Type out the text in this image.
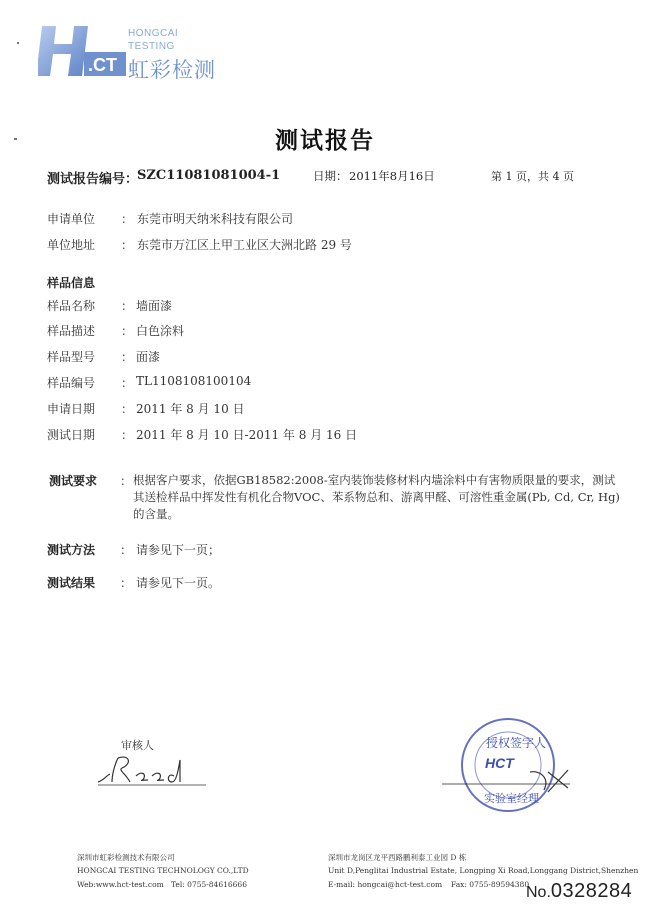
.CT
HONGCAI
TESTING
虹彩检测
测试报告
测试报告编号：
SZC11081081004-1	日期： 2011年8月16日	第 1 页，共 4 页
申请单位 ： 东莞市明天纳米科技有限公司
单位地址 ： 东莞市万江区上甲工业区大洲北路 29 号
样品信息
样品名称 ： 墙面漆
样品描述 ： 白色涂料
样品型号 ： 面漆
样品编号 ： TL1108108100104
申请日期 ： 2011 年 8 月 10 日
测试日期 ： 2011 年 8 月 10 日-2011 年 8 月 16 日
测试要求 ： 根据客户要求，依据GB18582:2008-室内装饰装修材料内墙涂料中有害物质限量的要求，测试
其送检样品中挥发性有机化合物VOC、苯系物总和、游离甲醛、可溶性重金属(Pb, Cd, Cr, Hg)
的含量。
测试方法 ： 请参见下一页；
测试结果 ： 请参见下一页。
审核人	授权签字人
HCT
实验室经理
深圳市虹彩检测技术有限公司
HONGCAI TESTING TECHNOLOGY CO.,LTD
Web:www.hct-test.com Tel: 0755-84616666
深圳市龙岗区龙平西路鹏利泰工业园 D 栋
Unit D,Penglitai Industrial Estate, Longping Xi Road,Longgang District,Shenzhen
E-mail: hongcai@hct-test.com Fax: 0755-89594380
No.0328284
